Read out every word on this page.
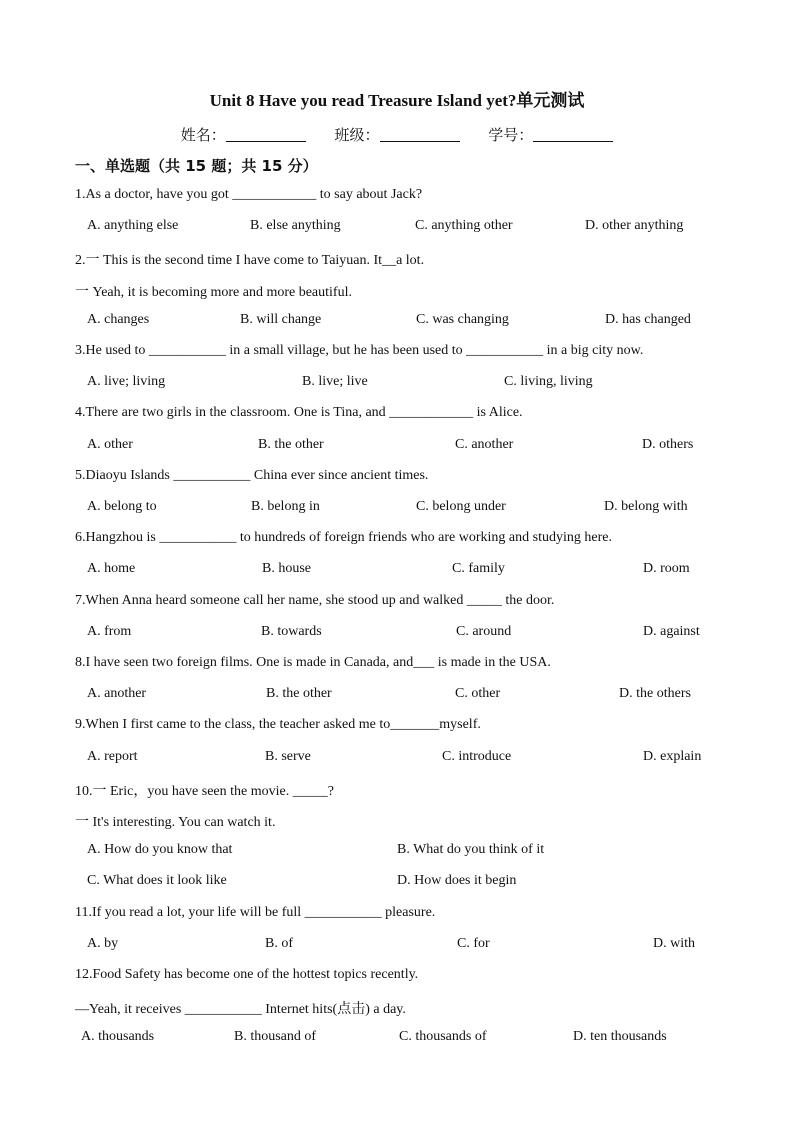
Unit 8 Have you read Treasure Island yet?单元测试
姓名：	班级：	学号：
一、单选题（共 15 题；共 15 分）
1.As a doctor, have you got ____________ to say about Jack?
A. anything else	B. else anything	C. anything other	D. other anything
2.一 This is the second time I have come to Taiyuan. It__a lot.
一 Yeah, it is becoming more and more beautiful.
A. changes	B. will change	C. was changing	D. has changed
3.He used to ___________ in a small village, but he has been used to ___________ in a big city now.
A. live; living	B. live; live	C. living, living
4.There are two girls in the classroom. One is Tina, and ____________ is Alice.
A. other	B. the other	C. another	D. others
5.Diaoyu Islands ___________ China ever since ancient times.
A. belong to	B. belong in	C. belong under	D. belong with
6.Hangzhou is ___________ to hundreds of foreign friends who are working and studying here.
A. home	B. house	C. family	D. room
7.When Anna heard someone call her name, she stood up and walked _____ the door.
A. from	B. towards	C. around	D. against
8.I have seen two foreign films. One is made in Canada, and___ is made in the USA.
A. another	B. the other	C. other	D. the others
9.When I first came to the class, the teacher asked me to_______myself.
A. report	B. serve	C. introduce	D. explain
10.一 Eric，you have seen the movie. _____?
一 It's interesting. You can watch it.
A. How do you know that	B. What do you think of it
C. What does it look like	D. How does it begin
11.If you read a lot, your life will be full ___________ pleasure.
A. by	B. of	C. for	D. with
12.Food Safety has become one of the hottest topics recently.
—Yeah, it receives ___________ Internet hits(点击) a day.
A. thousands	B. thousand of	C. thousands of	D. ten thousands
